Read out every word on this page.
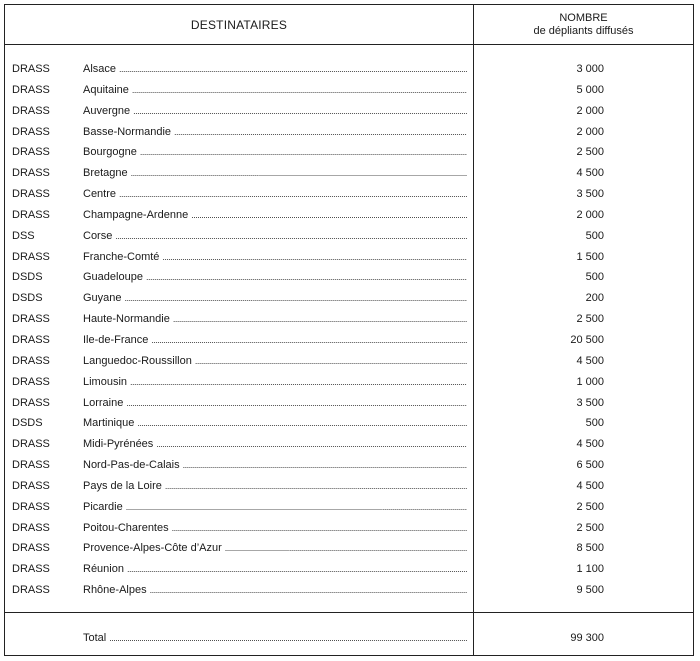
DESTINATAIRES	NOMBRE
de dépliants diffusés
DRASS	Alsace .....	3 000
DRASS	Aquitaine .....	5 000
DRASS	Auvergne .....	2 000
DRASS	Basse-Normandie .....	2 000
DRASS	Bourgogne .....	2 500
DRASS	Bretagne .....	4 500
DRASS	Centre .....	3 500
DRASS	Champagne-Ardenne .....	2 000
DSS	Corse .....	500
DRASS	Franche-Comté .....	1 500
DSDS	Guadeloupe .....	500
DSDS	Guyane .....	200
DRASS	Haute-Normandie .....	2 500
DRASS	Ile-de-France .....	20 500
DRASS	Languedoc-Roussillon .....	4 500
DRASS	Limousin .....	1 000
DRASS	Lorraine .....	3 500
DSDS	Martinique .....	500
DRASS	Midi-Pyrénées .....	4 500
DRASS	Nord-Pas-de-Calais .....	6 500
DRASS	Pays de la Loire .....	4 500
DRASS	Picardie .....	2 500
DRASS	Poitou-Charentes .....	2 500
DRASS	Provence-Alpes-Côte d’Azur .....	8 500
DRASS	Réunion .....	1 100
DRASS	Rhône-Alpes .....	9 500
Total .....	99 300
